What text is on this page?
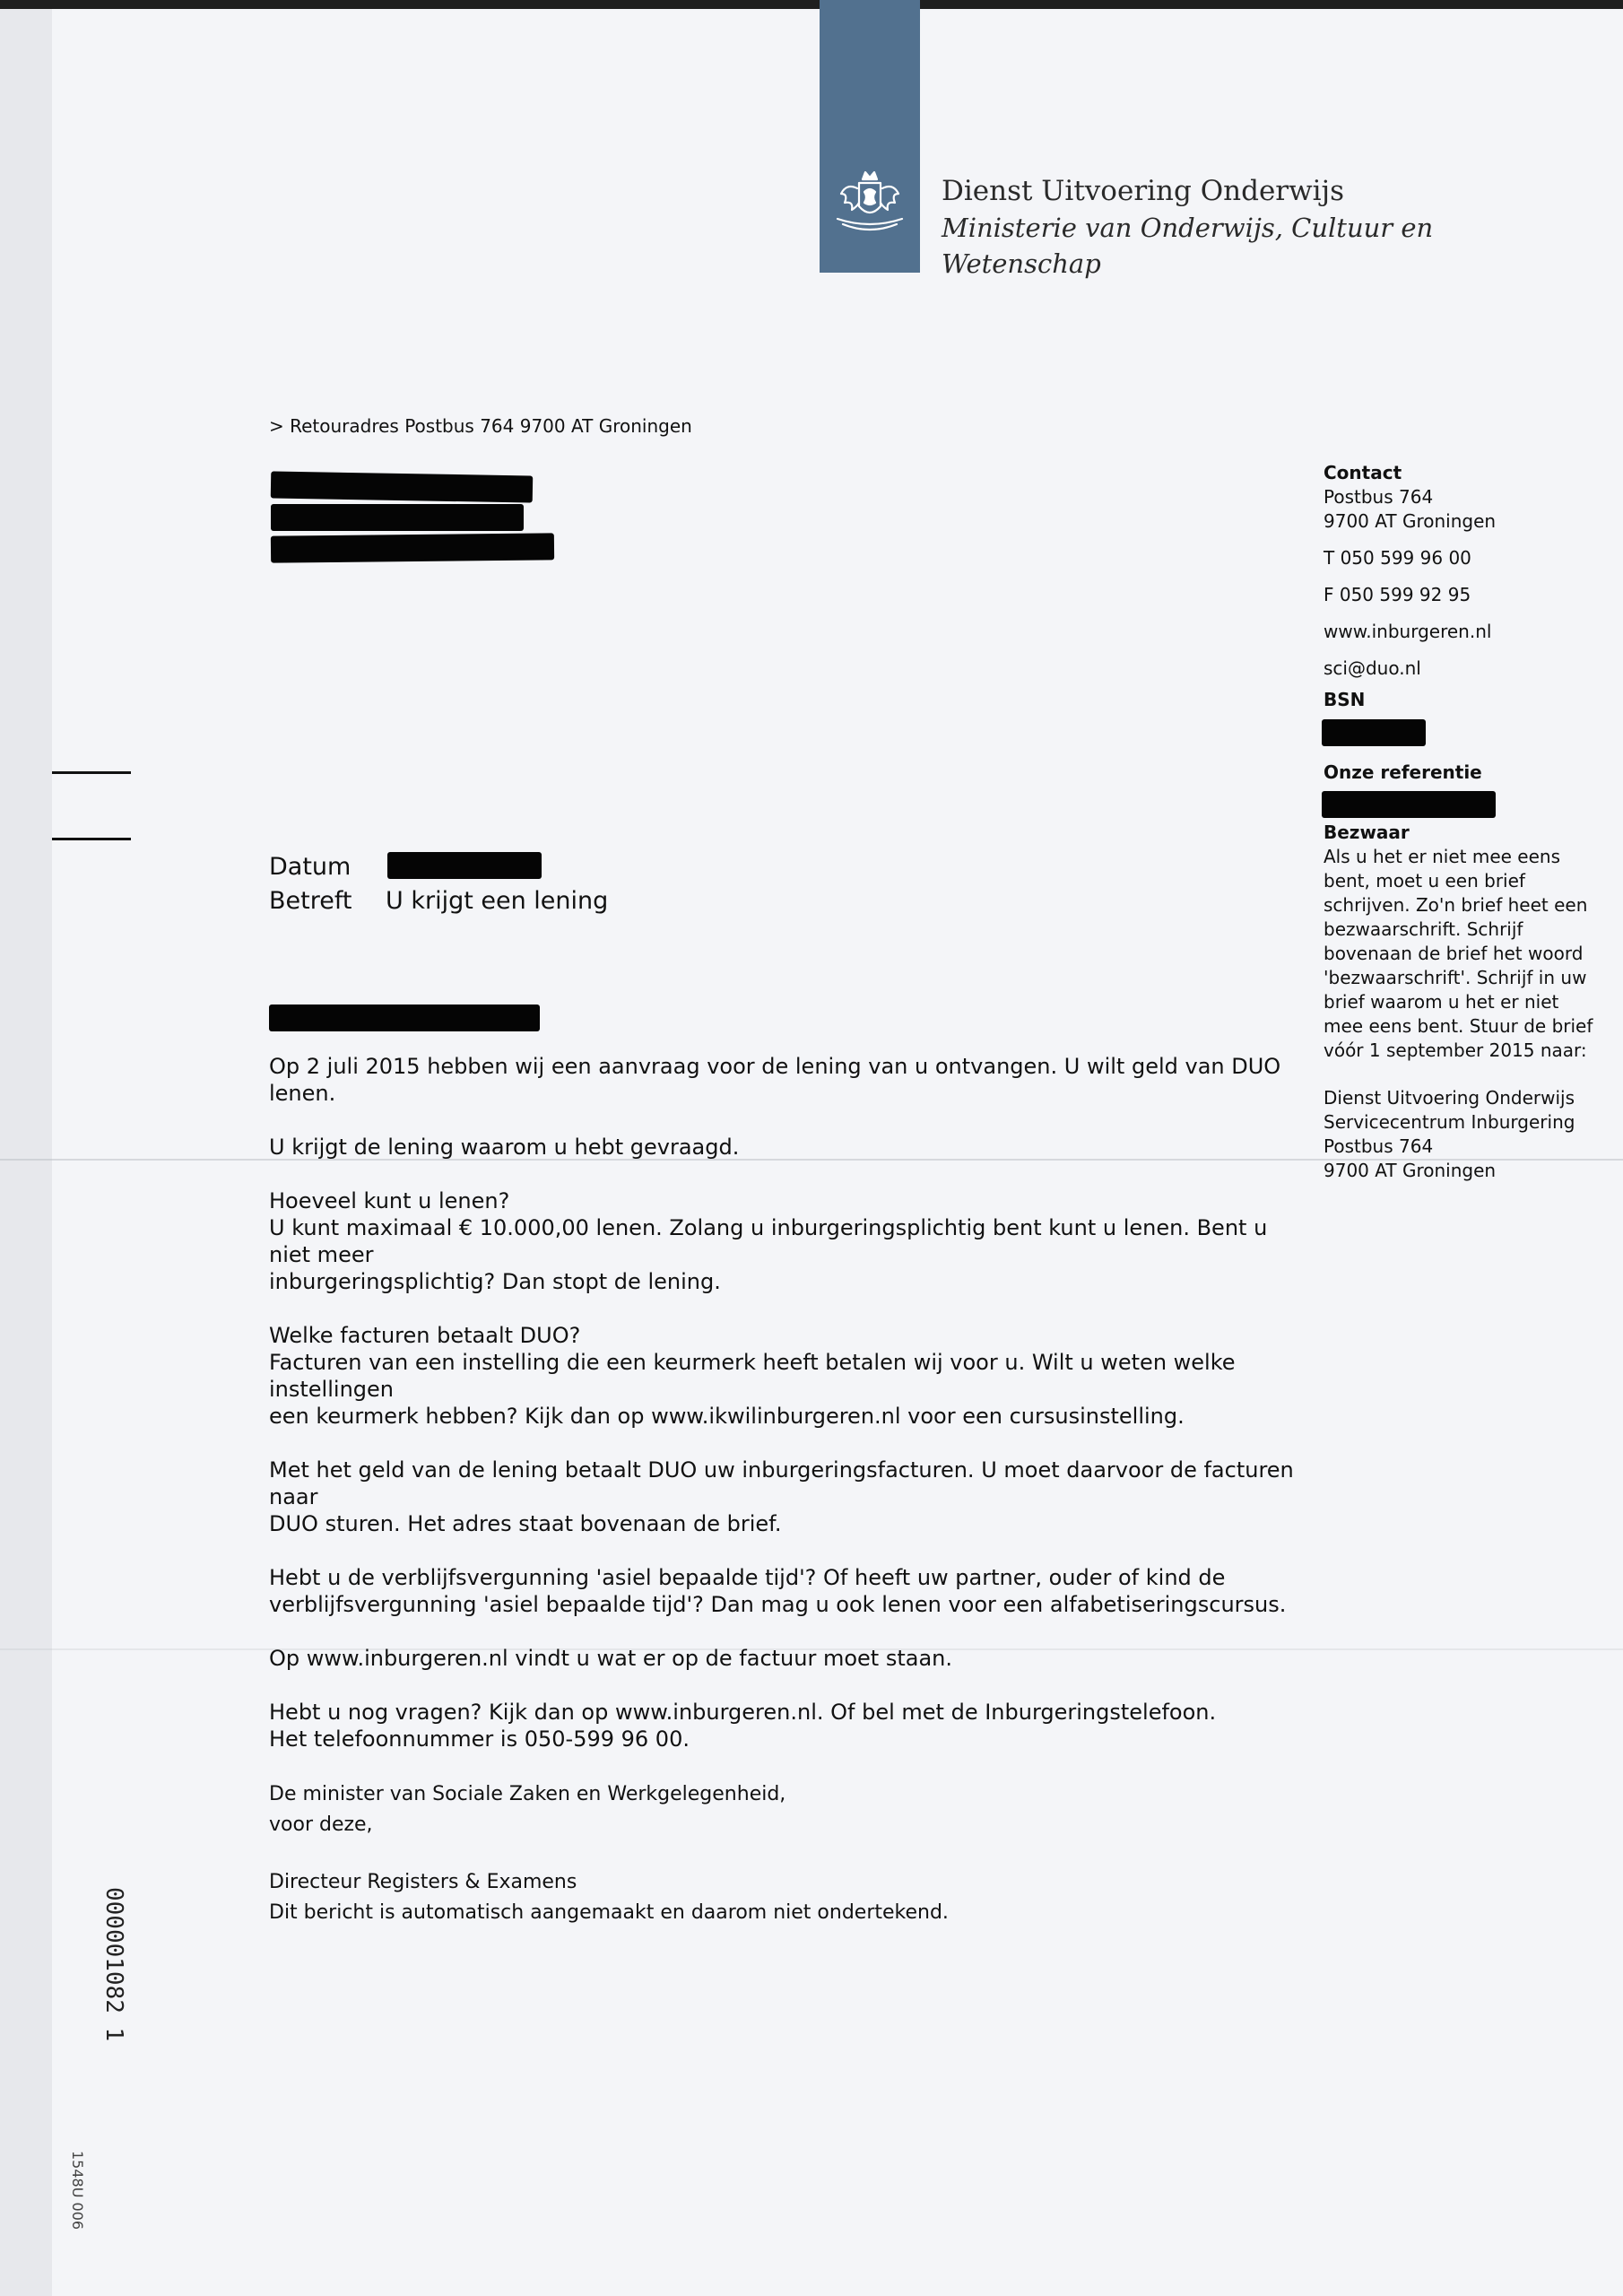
Dienst Uitvoering Onderwijs
Ministerie van Onderwijs, Cultuur en
Wetenschap
> Retouradres Postbus 764 9700 AT Groningen

Contact

Postbus 764

9700 AT Groningen

T 050 599 96 00

F 050 599 92 95

www.inburgeren.nl

sci@duo.nl

BSN

Onze referentie

Bezwaar

Als u het er niet mee eens

bent, moet u een brief

schrijven. Zo'n brief heet een

bezwaarschrift. Schrijf

bovenaan de brief het woord

'bezwaarschrift'. Schrijf in uw

brief waarom u het er niet

mee eens bent. Stuur de brief

vóór 1 september 2015 naar:

Dienst Uitvoering Onderwijs

Servicecentrum Inburgering

Postbus 764

9700 AT Groningen

Datum
Betreft U krijgt een lening

Op 2 juli 2015 hebben wij een aanvraag voor de lening van u ontvangen. U wilt geld van DUO lenen.

U krijgt de lening waarom u hebt gevraagd.

Hoeveel kunt u lenen?
U kunt maximaal € 10.000,00 lenen. Zolang u inburgeringsplichtig bent kunt u lenen. Bent u niet meer
inburgeringsplichtig? Dan stopt de lening.

Welke facturen betaalt DUO?
Facturen van een instelling die een keurmerk heeft betalen wij voor u. Wilt u weten welke instellingen
een keurmerk hebben? Kijk dan op www.ikwilinburgeren.nl voor een cursusinstelling.

Met het geld van de lening betaalt DUO uw inburgeringsfacturen. U moet daarvoor de facturen naar
DUO sturen. Het adres staat bovenaan de brief.

Hebt u de verblijfsvergunning 'asiel bepaalde tijd'? Of heeft uw partner, ouder of kind de
verblijfsvergunning 'asiel bepaalde tijd'? Dan mag u ook lenen voor een alfabetiseringscursus.

Op www.inburgeren.nl vindt u wat er op de factuur moet staan.

Hebt u nog vragen? Kijk dan op www.inburgeren.nl. Of bel met de Inburgeringstelefoon.
Het telefoonnummer is 050-599 96 00.

De minister van Sociale Zaken en Werkgelegenheid,
voor deze,

Directeur Registers & Examens
Dit bericht is automatisch aangemaakt en daarom niet ondertekend.

000001082 1
1548U 006
